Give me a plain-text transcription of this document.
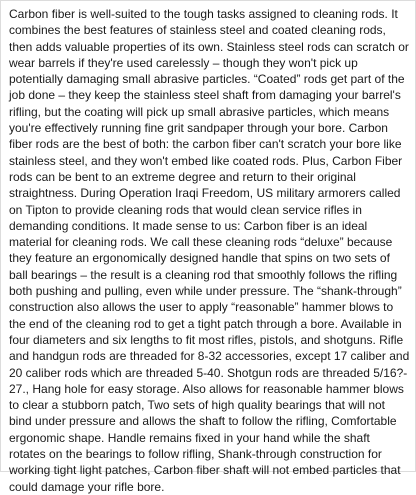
Carbon fiber is well-suited to the tough tasks assigned to cleaning rods. It
combines the best features of stainless steel and coated cleaning rods,
then adds valuable properties of its own. Stainless steel rods can scratch or
wear barrels if they're used carelessly – though they won't pick up
potentially damaging small abrasive particles. “Coated” rods get part of the
job done – they keep the stainless steel shaft from damaging your barrel's
rifling, but the coating will pick up small abrasive particles, which means
you're effectively running fine grit sandpaper through your bore. Carbon
fiber rods are the best of both: the carbon fiber can't scratch your bore like
stainless steel, and they won't embed like coated rods. Plus, Carbon Fiber
rods can be bent to an extreme degree and return to their original
straightness. During Operation Iraqi Freedom, US military armorers called
on Tipton to provide cleaning rods that would clean service rifles in
demanding conditions. It made sense to us: Carbon fiber is an ideal
material for cleaning rods. We call these cleaning rods “deluxe” because
they feature an ergonomically designed handle that spins on two sets of
ball bearings – the result is a cleaning rod that smoothly follows the rifling
both pushing and pulling, even while under pressure. The “shank-through”
construction also allows the user to apply “reasonable” hammer blows to
the end of the cleaning rod to get a tight patch through a bore. Available in
four diameters and six lengths to fit most rifles, pistols, and shotguns. Rifle
and handgun rods are threaded for 8-32 accessories, except 17 caliber and
20 caliber rods which are threaded 5-40. Shotgun rods are threaded 5/16?-
27., Hang hole for easy storage. Also allows for reasonable hammer blows
to clear a stubborn patch, Two sets of high quality bearings that will not
bind under pressure and allows the shaft to follow the rifling, Comfortable
ergonomic shape. Handle remains fixed in your hand while the shaft
rotates on the bearings to follow rifling, Shank-through construction for
working tight light patches, Carbon fiber shaft will not embed particles that
could damage your rifle bore.
